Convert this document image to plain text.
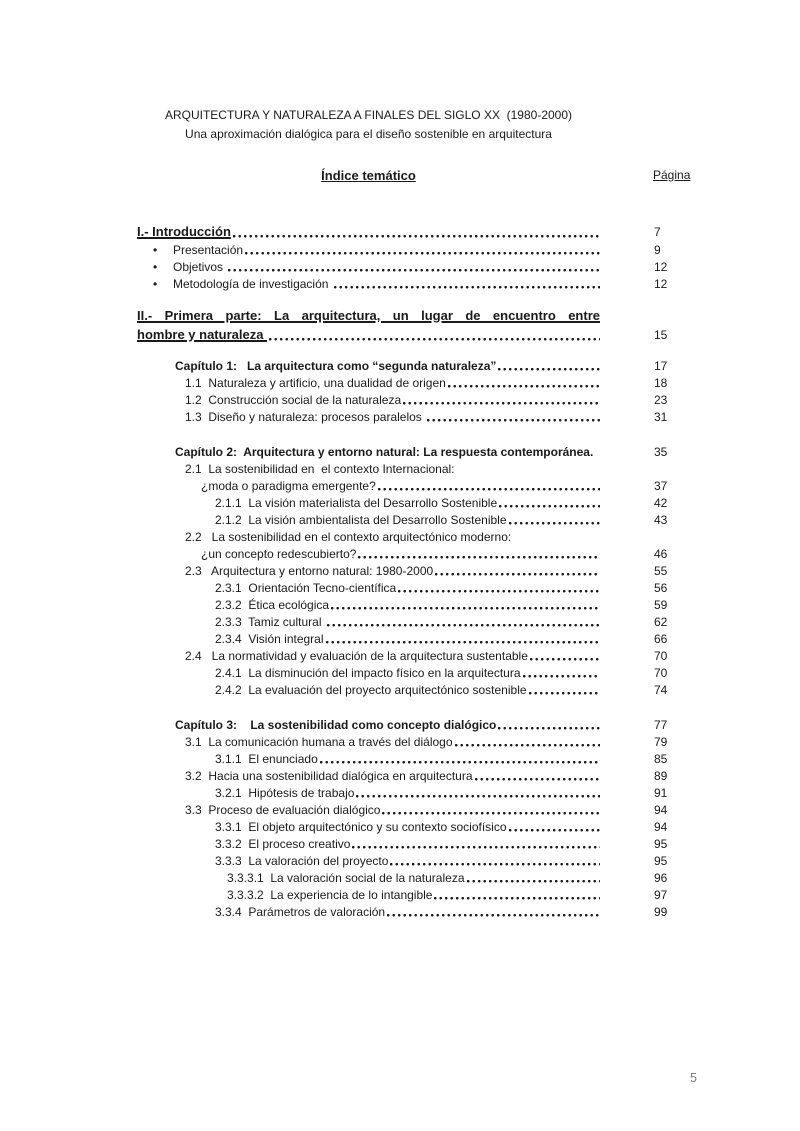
ARQUITECTURA Y NATURALEZA A FINALES DEL SIGLO XX  (1980-2000)
Una aproximación dialógica para el diseño sostenible en arquitectura
Índice temático	Página
I.- Introducción	7
• Presentación	9
• Objetivos	12
• Metodología de investigación	12
II.- Primera parte: La arquitectura, un lugar de encuentro entre
hombre y naturaleza	15
Capítulo 1:   La arquitectura como “segunda naturaleza”	17
1.1  Naturaleza y artificio, una dualidad de origen	18
1.2  Construcción social de la naturaleza	23
1.3  Diseño y naturaleza: procesos paralelos	31
Capítulo 2:  Arquitectura y entorno natural: La respuesta contemporánea.	35
2.1  La sostenibilidad en  el contexto Internacional:
¿moda o paradigma emergente?	37
2.1.1  La visión materialista del Desarrollo Sostenible	42
2.1.2  La visión ambientalista del Desarrollo Sostenible	43
2.2   La sostenibilidad en el contexto arquitectónico moderno:
¿un concepto redescubierto?	46
2.3   Arquitectura y entorno natural: 1980-2000	55
2.3.1  Orientación Tecno-científica	56
2.3.2  Ética ecológica	59
2.3.3  Tamiz cultural	62
2.3.4  Visión integral	66
2.4   La normatividad y evaluación de la arquitectura sustentable	70
2.4.1  La disminución del impacto físico en la arquitectura	70
2.4.2  La evaluación del proyecto arquitectónico sostenible	74
Capítulo 3:    La sostenibilidad como concepto dialógico	77
3.1  La comunicación humana a través del diálogo	79
3.1.1  El enunciado	85
3.2  Hacia una sostenibilidad dialógica en arquitectura	89
3.2.1  Hipótesis de trabajo	91
3.3  Proceso de evaluación dialógico	94
3.3.1  El objeto arquitectónico y su contexto sociofísico	94
3.3.2  El proceso creativo	95
3.3.3  La valoración del proyecto	95
3.3.3.1  La valoración social de la naturaleza	96
3.3.3.2  La experiencia de lo intangible	97
3.3.4  Parámetros de valoración	99
5
